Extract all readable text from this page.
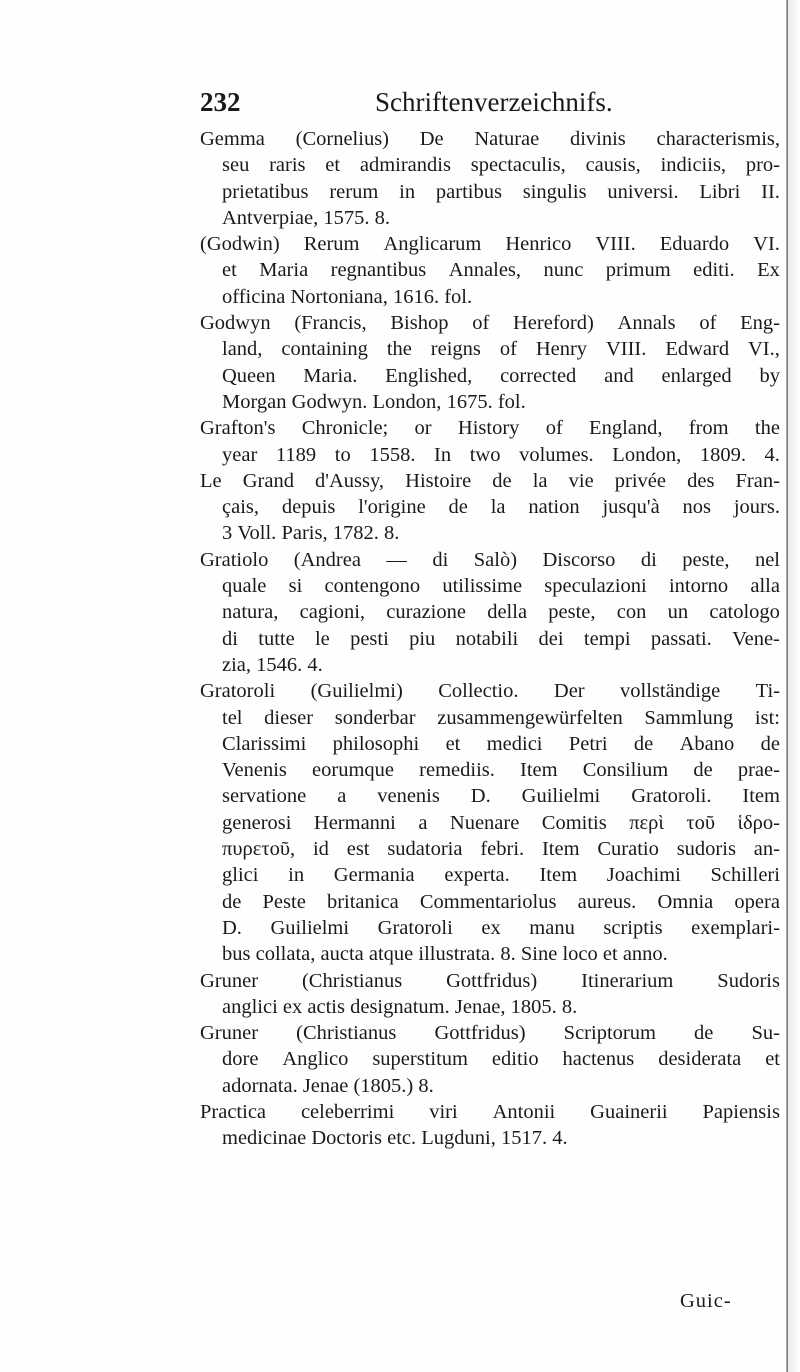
232	Schriftenverzeichnifs.
Gemma (Cornelius) De Naturae divinis characterismis,
seu raris et admirandis spectaculis, causis, indiciis, pro-
prietatibus rerum in partibus singulis universi. Libri II.
Antverpiae, 1575. 8.
(Godwin) Rerum Anglicarum Henrico VIII. Eduardo VI.
et Maria regnantibus Annales, nunc primum editi. Ex
officina Nortoniana, 1616. fol.
Godwyn (Francis, Bishop of Hereford) Annals of Eng-
land, containing the reigns of Henry VIII. Edward VI.,
Queen Maria. Englished, corrected and enlarged by
Morgan Godwyn. London, 1675. fol.
Grafton's Chronicle; or History of England, from the
year 1189 to 1558. In two volumes. London, 1809. 4.
Le Grand d'Aussy, Histoire de la vie privée des Fran-
çais, depuis l'origine de la nation jusqu'à nos jours.
3 Voll. Paris, 1782. 8.
Gratiolo (Andrea — di Salò) Discorso di peste, nel
quale si contengono utilissime speculazioni intorno alla
natura, cagioni, curazione della peste, con un catologo
di tutte le pesti piu notabili dei tempi passati. Vene-
zia, 1546. 4.
Gratoroli (Guilielmi) Collectio. Der vollständige Ti-
tel dieser sonderbar zusammengewürfelten Sammlung ist:
Clarissimi philosophi et medici Petri de Abano de
Venenis eorumque remediis. Item Consilium de prae-
servatione a venenis D. Guilielmi Gratoroli. Item
generosi Hermanni a Nuenare Comitis περὶ τοῦ ἱδρο-
πυρετοῦ, id est sudatoria febri. Item Curatio sudoris an-
glici in Germania experta. Item Joachimi Schilleri
de Peste britanica Commentariolus aureus. Omnia opera
D. Guilielmi Gratoroli ex manu scriptis exemplari-
bus collata, aucta atque illustrata. 8. Sine loco et anno.
Gruner (Christianus Gottfridus) Itinerarium Sudoris
anglici ex actis designatum. Jenae, 1805. 8.
Gruner (Christianus Gottfridus) Scriptorum de Su-
dore Anglico superstitum editio hactenus desiderata et
adornata. Jenae (1805.) 8.
Practica celeberrimi viri Antonii Guainerii Papiensis
medicinae Doctoris etc. Lugduni, 1517. 4.
Guic-
